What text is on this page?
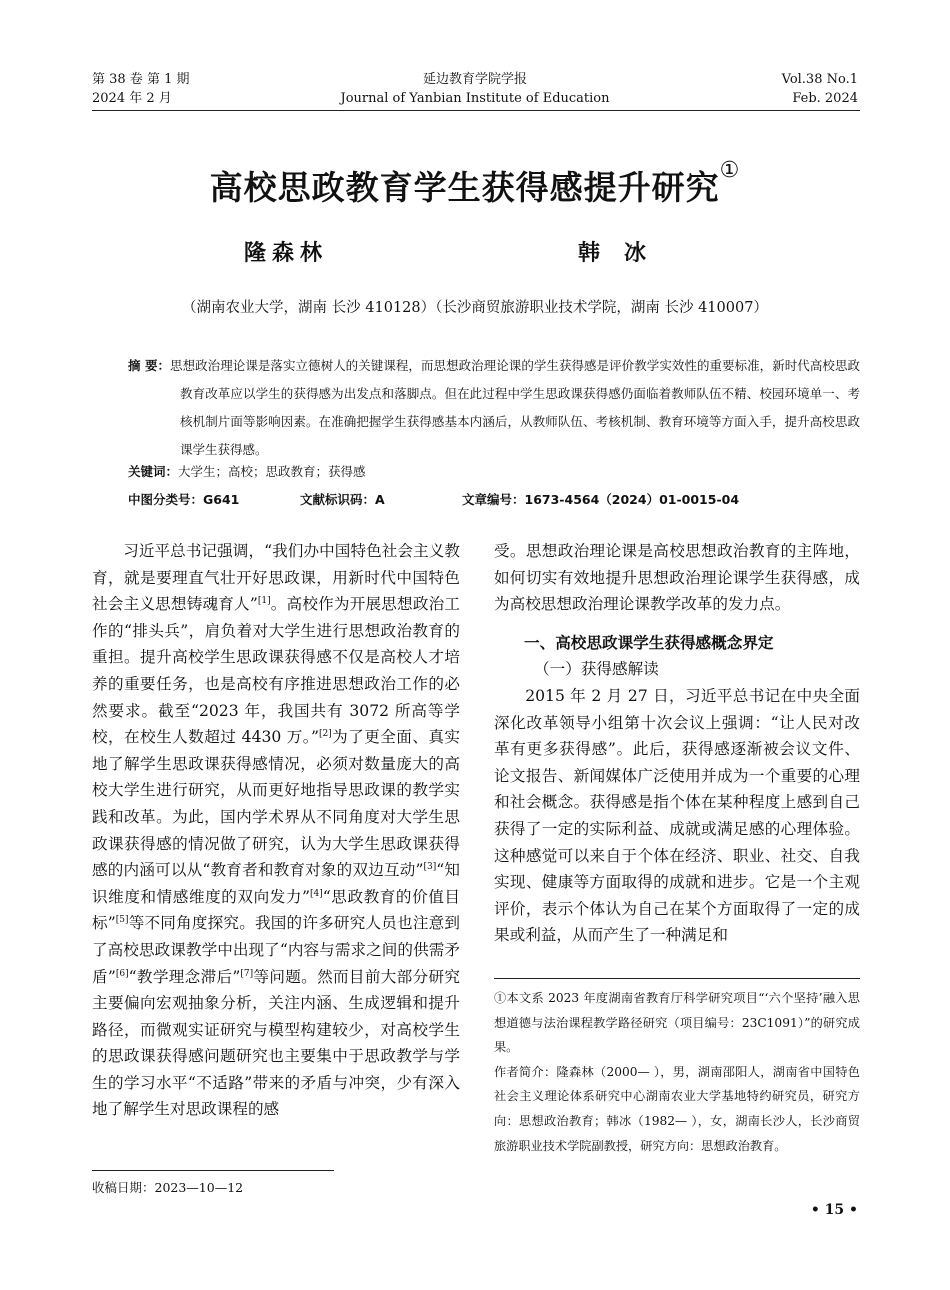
第 38 卷 第 1 期
2024 年 2 月
延边教育学院学报
Journal of Yanbian Institute of Education
Vol.38 No.1
Feb. 2024
高校思政教育学生获得感提升研究①
隆森林	韩冰
（湖南农业大学，湖南 长沙 410128）（长沙商贸旅游职业技术学院，湖南 长沙 410007）
摘 要：思想政治理论课是落实立德树人的关键课程，而思想政治理论课的学生获得感是评价教学实效性的重要标准，新时代高校思政教育改革应以学生的获得感为出发点和落脚点。但在此过程中学生思政课获得感仍面临着教师队伍不精、校园环境单一、考核机制片面等影响因素。在准确把握学生获得感基本内涵后，从教师队伍、考核机制、教育环境等方面入手，提升高校思政课学生获得感。
关键词：大学生；高校；思政教育；获得感
中图分类号：G641	文献标识码：A	文章编号：1673-4564（2024）01-0015-04

习近平总书记强调，“我们办中国特色社会主义教育，就是要理直气壮开好思政课，用新时代中国特色社会主义思想铸魂育人”[1]。高校作为开展思想政治工作的“排头兵”，肩负着对大学生进行思想政治教育的重担。提升高校学生思政课获得感不仅是高校人才培养的重要任务，也是高校有序推进思想政治工作的必然要求。截至“2023 年，我国共有 3072 所高等学校，在校生人数超过 4430 万。”[2]为了更全面、真实地了解学生思政课获得感情况，必须对数量庞大的高校大学生进行研究，从而更好地指导思政课的教学实践和改革。为此，国内学术界从不同角度对大学生思政课获得感的情况做了研究，认为大学生思政课获得感的内涵可以从“教育者和教育对象的双边互动”[3]“知识维度和情感维度的双向发力”[4]“思政教育的价值目标”[5]等不同角度探究。我国的许多研究人员也注意到了高校思政课教学中出现了“内容与需求之间的供需矛盾”[6]“教学理念滞后”[7]等问题。然而目前大部分研究主要偏向宏观抽象分析，关注内涵、生成逻辑和提升路径，而微观实证研究与模型构建较少，对高校学生的思政课获得感问题研究也主要集中于思政教学与学生的学习水平“不适路”带来的矛盾与冲突，少有深入地了解学生对思政课程的感

受。思想政治理论课是高校思想政治教育的主阵地，如何切实有效地提升思想政治理论课学生获得感，成为高校思想政治理论课教学改革的发力点。

一、高校思政课学生获得感概念界定

（一）获得感解读

2015 年 2 月 27 日，习近平总书记在中央全面深化改革领导小组第十次会议上强调：“让人民对改革有更多获得感”。此后，获得感逐渐被会议文件、论文报告、新闻媒体广泛使用并成为一个重要的心理和社会概念。获得感是指个体在某种程度上感到自己获得了一定的实际利益、成就或满足感的心理体验。这种感觉可以来自于个体在经济、职业、社交、自我实现、健康等方面取得的成就和进步。它是一个主观评价，表示个体认为自己在某个方面取得了一定的成果或利益，从而产生了一种满足和

①本文系 2023 年度湖南省教育厅科学研究项目“‘六个坚持’融入思想道德与法治课程教学路径研究（项目编号：23C1091）”的研究成果。

作者简介：隆森林（2000— ），男，湖南邵阳人，湖南省中国特色社会主义理论体系研究中心湖南农业大学基地特约研究员，研究方向：思想政治教育；韩冰（1982— ），女，湖南长沙人，长沙商贸旅游职业技术学院副教授，研究方向：思想政治教育。

收稿日期：2023—10—12
• 15 •
